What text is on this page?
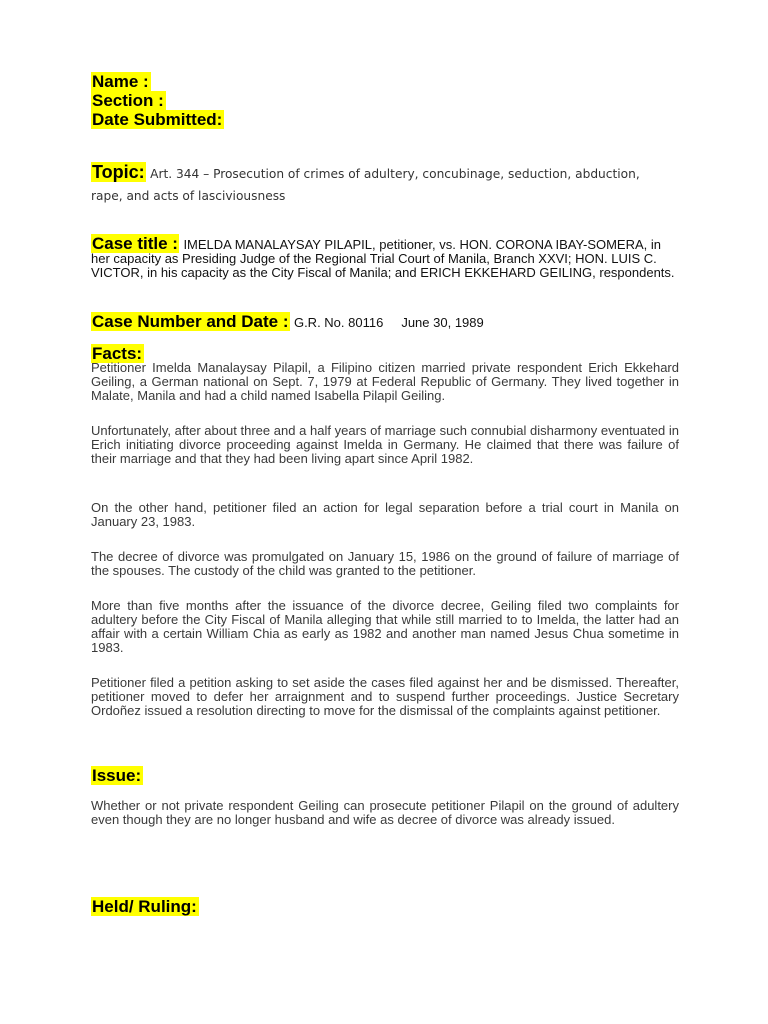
Name :
Section :
Date Submitted:
Topic: Art. 344 – Prosecution of crimes of adultery, concubinage, seduction, abduction, rape, and acts of lasciviousness
Case title : IMELDA MANALAYSAY PILAPIL, petitioner, vs. HON. CORONA IBAY-SOMERA, in her capacity as Presiding Judge of the Regional Trial Court of Manila, Branch XXVI; HON. LUIS C. VICTOR, in his capacity as the City Fiscal of Manila; and ERICH EKKEHARD GEILING, respondents.
Case Number and Date : G.R. No. 80116 June 30, 1989
Facts:

Petitioner Imelda Manalaysay Pilapil, a Filipino citizen married private respondent Erich Ekkehard Geiling, a German national on Sept. 7, 1979 at Federal Republic of Germany. They lived together in Malate, Manila and had a child named Isabella Pilapil Geiling.

Unfortunately, after about three and a half years of marriage such connubial disharmony eventuated in Erich initiating divorce proceeding against Imelda in Germany. He claimed that there was failure of their marriage and that they had been living apart since April 1982.

On the other hand, petitioner filed an action for legal separation before a trial court in Manila on January 23, 1983.

The decree of divorce was promulgated on January 15, 1986 on the ground of failure of marriage of the spouses. The custody of the child was granted to the petitioner.

More than five months after the issuance of the divorce decree, Geiling filed two complaints for adultery before the City Fiscal of Manila alleging that while still married to to Imelda, the latter had an affair with a certain William Chia as early as 1982 and another man named Jesus Chua sometime in 1983.

Petitioner filed a petition asking to set aside the cases filed against her and be dismissed. Thereafter, petitioner moved to defer her arraignment and to suspend further proceedings. Justice Secretary Ordoñez issued a resolution directing to move for the dismissal of the complaints against petitioner.

Issue:

Whether or not private respondent Geiling can prosecute petitioner Pilapil on the ground of adultery even though they are no longer husband and wife as decree of divorce was already issued.

Held/ Ruling:
